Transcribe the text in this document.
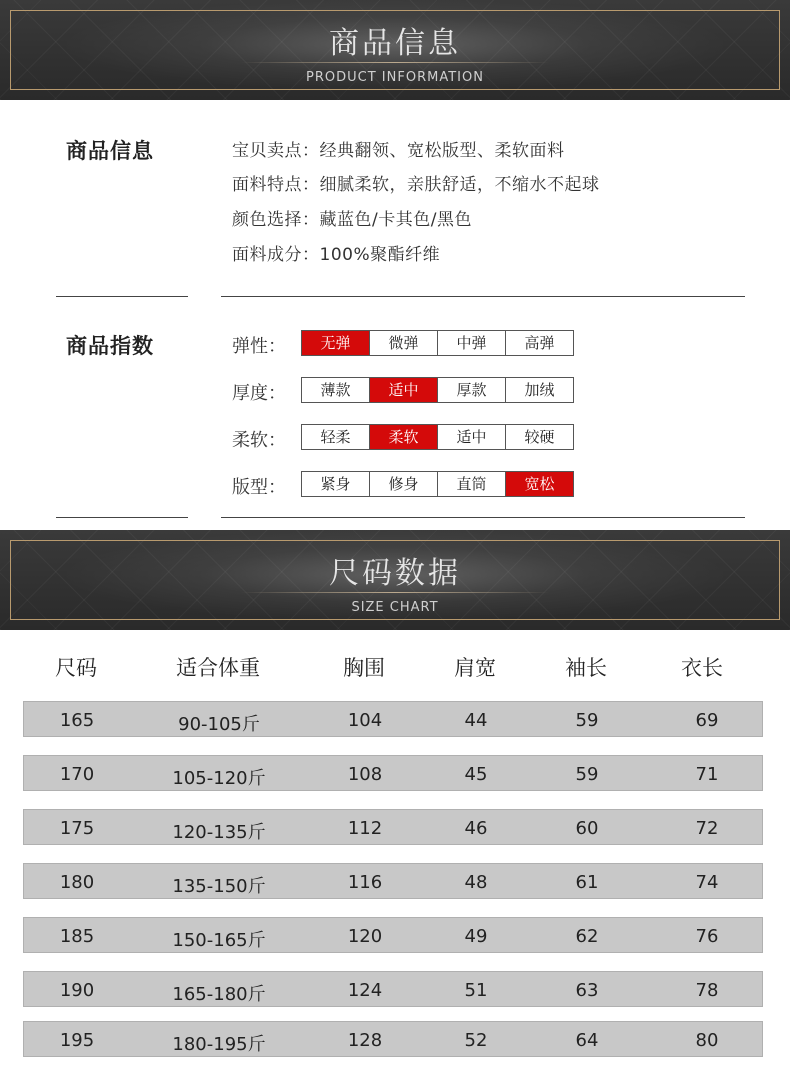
商品信息
PRODUCT INFORMATION
商品信息	宝贝卖点：经典翻领、宽松版型、柔软面料
面料特点：细腻柔软，亲肤舒适，不缩水不起球
颜色选择：藏蓝色/卡其色/黑色
面料成分：100%聚酯纤维
商品指数	弹性：	无弹	微弹	中弹	高弹
厚度：	薄款	适中	厚款	加绒
柔软：	轻柔	柔软	适中	较硬
版型：	紧身	修身	直筒	宽松
尺码数据
SIZE CHART
尺码	适合体重	胸围	肩宽	袖长	衣长
165	90-105斤	104	44	59	69
170	105-120斤	108	45	59	71
175	120-135斤	112	46	60	72
180	135-150斤	116	48	61	74
185	150-165斤	120	49	62	76
190	165-180斤	124	51	63	78
195	180-195斤	128	52	64	80
